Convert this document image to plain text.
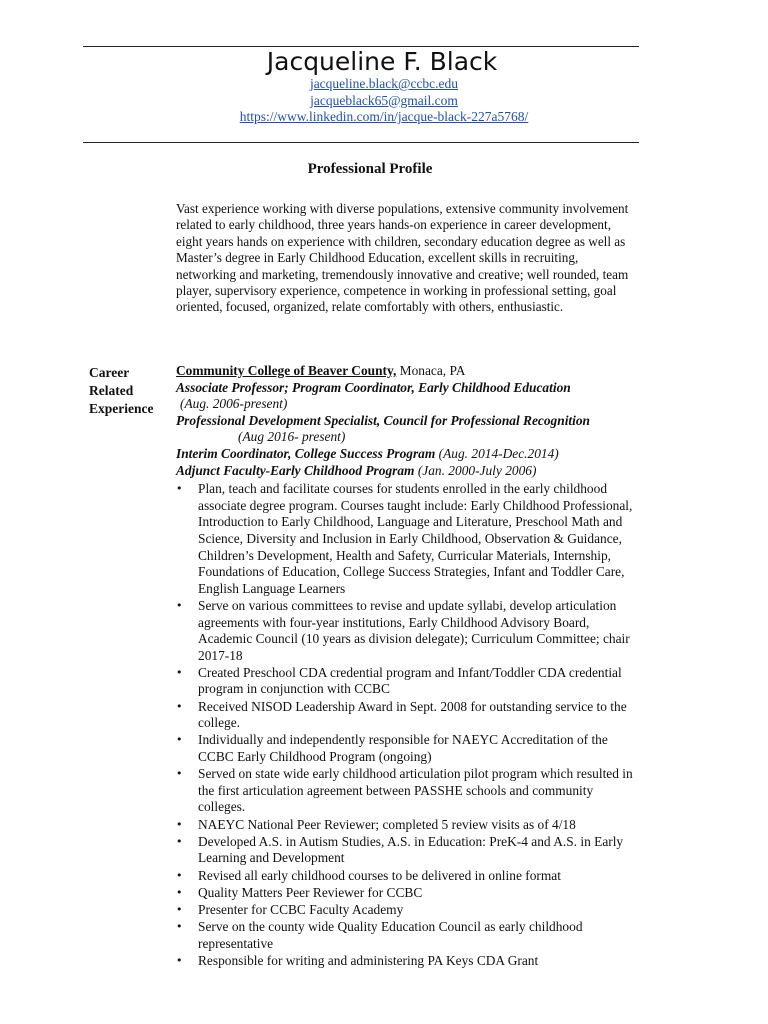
Jacqueline F. Black
jacqueline.black@ccbc.edu
jacqueblack65@gmail.com
https://www.linkedin.com/in/jacque-black-227a5768/
Professional Profile
Vast experience working with diverse populations, extensive community involvement related to early childhood, three years hands-on experience in career development, eight years hands on experience with children, secondary education degree as well as Master’s degree in Early Childhood Education, excellent skills in recruiting, networking and marketing, tremendously innovative and creative; well rounded, team player, supervisory experience, competence in working in professional setting, goal oriented, focused, organized, relate comfortably with others, enthusiastic.
Career
Related
Experience
Community College of Beaver County, Monaca, PA
Associate Professor; Program Coordinator, Early Childhood Education
(Aug. 2006-present)
Professional Development Specialist, Council for Professional Recognition
(Aug 2016- present)
Interim Coordinator, College Success Program (Aug. 2014-Dec.2014)
Adjunct Faculty-Early Childhood Program (Jan. 2000-July 2006)
• Plan, teach and facilitate courses for students enrolled in the early childhood associate degree program. Courses taught include: Early Childhood Professional, Introduction to Early Childhood, Language and Literature, Preschool Math and Science, Diversity and Inclusion in Early Childhood, Observation & Guidance, Children’s Development, Health and Safety, Curricular Materials, Internship, Foundations of Education, College Success Strategies, Infant and Toddler Care, English Language Learners
• Serve on various committees to revise and update syllabi, develop articulation agreements with four-year institutions, Early Childhood Advisory Board, Academic Council (10 years as division delegate); Curriculum Committee; chair 2017-18
• Created Preschool CDA credential program and Infant/Toddler CDA credential program in conjunction with CCBC
• Received NISOD Leadership Award in Sept. 2008 for outstanding service to the college.
• Individually and independently responsible for NAEYC Accreditation of the CCBC Early Childhood Program (ongoing)
• Served on state wide early childhood articulation pilot program which resulted in the first articulation agreement between PASSHE schools and community colleges.
• NAEYC National Peer Reviewer; completed 5 review visits as of 4/18
• Developed A.S. in Autism Studies, A.S. in Education: PreK-4 and A.S. in Early Learning and Development
• Revised all early childhood courses to be delivered in online format
• Quality Matters Peer Reviewer for CCBC
• Presenter for CCBC Faculty Academy
• Serve on the county wide Quality Education Council as early childhood representative
• Responsible for writing and administering PA Keys CDA Grant
